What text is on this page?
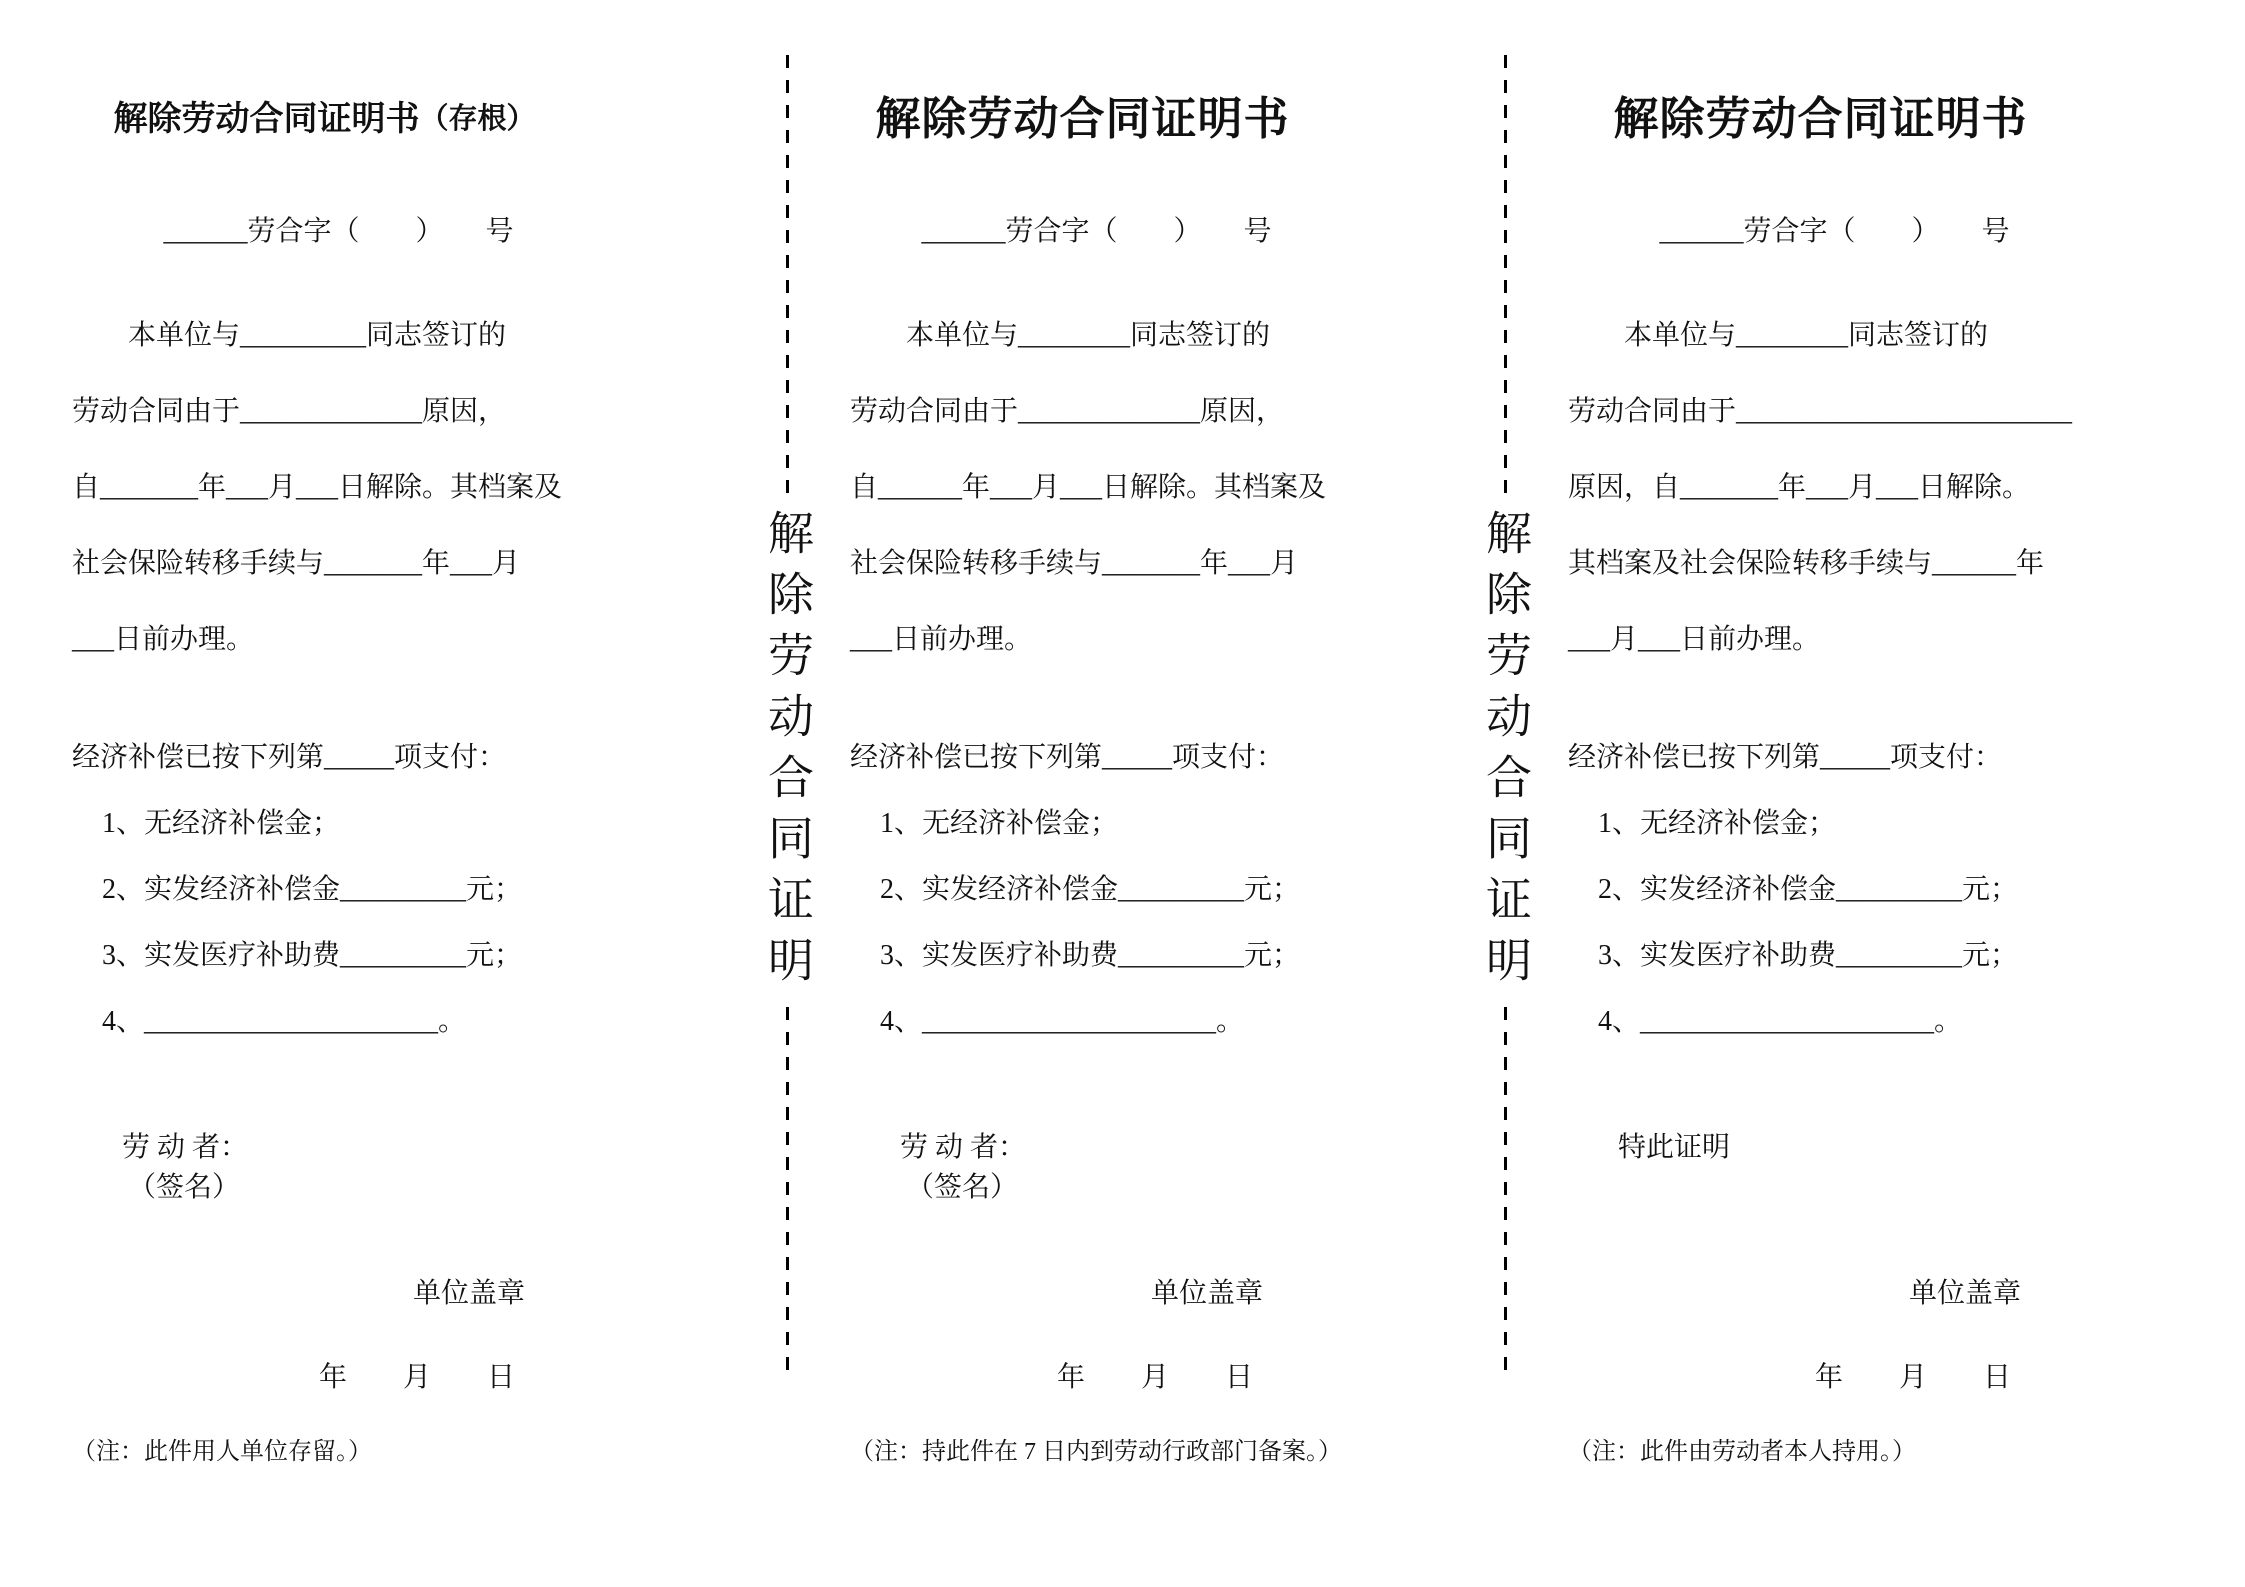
解除劳动合同证明书 （存根）
______劳合字（　　）　　号
本单位与_________同志签订的
劳动合同由于_____________原因，
自_______年___月___日解除。其档案及
社会保险转移手续与_______年___月
___日前办理。
经济补偿已按下列第_____项支付：
1、无经济补偿金；
2、实发经济补偿金_________元；
3、实发医疗补助费_________元；
4、_____________________。
劳 动 者：
（签名）
单位盖章
年　　月　　日
（注：此件用人单位存留。）
解除劳动合同证明
解除劳动合同证明书
______劳合字（　　）　　号
本单位与________同志签订的
劳动合同由于_____________原因，
自______年___月___日解除。其档案及
社会保险转移手续与_______年___月
___日前办理。
经济补偿已按下列第_____项支付：
1、无经济补偿金；
2、实发经济补偿金_________元；
3、实发医疗补助费_________元；
4、_____________________。
劳 动 者：
（签名）
单位盖章
年　　月　　日
（注：持此件在 7 日内到劳动行政部门备案。）
解除劳动合同证明
解除劳动合同证明书
______劳合字（　　）　　号
本单位与________同志签订的
劳动合同由于________________________
原因，自_______年___月___日解除。
其档案及社会保险转移手续与______年
___月___日前办理。
经济补偿已按下列第_____项支付：
1、无经济补偿金；
2、实发经济补偿金_________元；
3、实发医疗补助费_________元；
4、_____________________。
特此证明
单位盖章
年　　月　　日
（注：此件由劳动者本人持用。）
